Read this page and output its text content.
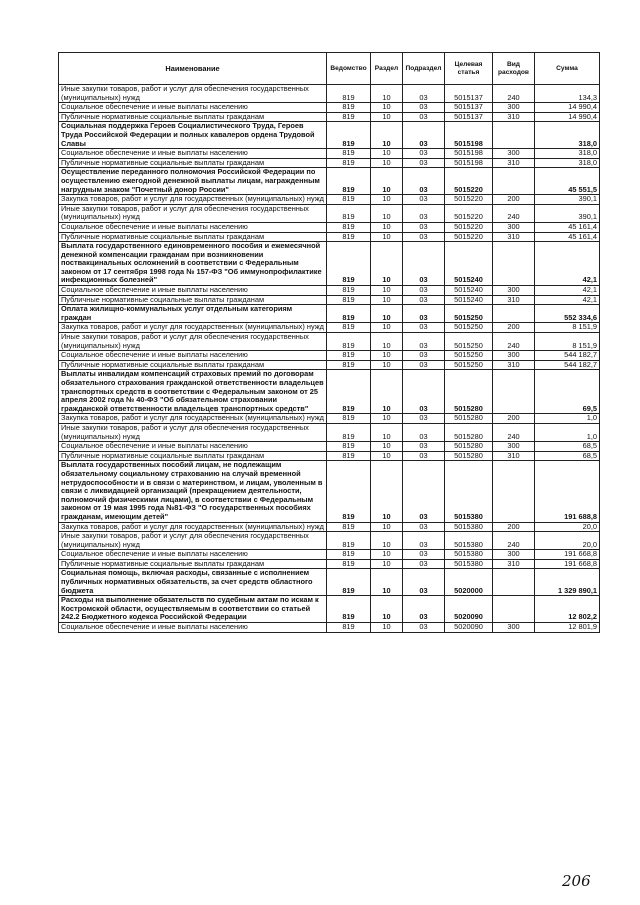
Наименование	Ведомство	Раздел	Подраздел	Целевая статья	Вид расходов	Сумма
Иные закупки товаров, работ и услуг для обеспечения государственных (муниципальных) нужд	819	10	03	5015137	240	134,3
Социальное обеспечение и иные выплаты населению	819	10	03	5015137	300	14 990,4
Публичные нормативные социальные выплаты гражданам	819	10	03	5015137	310	14 990,4
Социальная поддержка Героев Социалистического Труда, Героев Труда Российской Федерации и полных кавалеров ордена Трудовой Славы	819	10	03	5015198		318,0
Социальное обеспечение и иные выплаты населению	819	10	03	5015198	300	318,0
Публичные нормативные социальные выплаты гражданам	819	10	03	5015198	310	318,0
Осуществление переданного полномочия Российской Федерации по осуществлению ежегодной денежной выплаты лицам, награжденным нагрудным знаком "Почетный донор России"	819	10	03	5015220		45 551,5
Закупка товаров, работ и услуг для государственных (муниципальных) нужд	819	10	03	5015220	200	390,1
Иные закупки товаров, работ и услуг для обеспечения государственных (муниципальных) нужд	819	10	03	5015220	240	390,1
Социальное обеспечение и иные выплаты населению	819	10	03	5015220	300	45 161,4
Публичные нормативные социальные выплаты гражданам	819	10	03	5015220	310	45 161,4
Выплата государственного единовременного пособия и ежемесячной денежной компенсации гражданам при возникновении поствакцинальных осложнений в соответствии с Федеральным законом от 17 сентября 1998 года № 157-ФЗ "Об иммунопрофилактике инфекционных болезней"	819	10	03	5015240		42,1
Социальное обеспечение и иные выплаты населению	819	10	03	5015240	300	42,1
Публичные нормативные социальные выплаты гражданам	819	10	03	5015240	310	42,1
Оплата жилищно-коммунальных услуг отдельным категориям граждан	819	10	03	5015250		552 334,6
Закупка товаров, работ и услуг для государственных (муниципальных) нужд	819	10	03	5015250	200	8 151,9
Иные закупки товаров, работ и услуг для обеспечения государственных (муниципальных) нужд	819	10	03	5015250	240	8 151,9
Социальное обеспечение и иные выплаты населению	819	10	03	5015250	300	544 182,7
Публичные нормативные социальные выплаты гражданам	819	10	03	5015250	310	544 182,7
Выплаты инвалидам компенсаций страховых премий по договорам обязательного страхования гражданской ответственности владельцев транспортных средств в соответствии с Федеральным законом от 25 апреля 2002 года № 40-ФЗ "Об обязательном страховании гражданской ответственности владельцев транспортных средств"	819	10	03	5015280		69,5
Закупка товаров, работ и услуг для государственных (муниципальных) нужд	819	10	03	5015280	200	1,0
Иные закупки товаров, работ и услуг для обеспечения государственных (муниципальных) нужд	819	10	03	5015280	240	1,0
Социальное обеспечение и иные выплаты населению	819	10	03	5015280	300	68,5
Публичные нормативные социальные выплаты гражданам	819	10	03	5015280	310	68,5
Выплата государственных пособий лицам, не подлежащим обязательному социальному страхованию на случай временной нетрудоспособности и в связи с материнством, и лицам, уволенным в связи с ликвидацией организаций (прекращением деятельности, полномочий физическими лицами), в соответствии с Федеральным законом от 19 мая 1995 года №81-ФЗ "О государственных пособиях гражданам, имеющим детей"	819	10	03	5015380		191 688,8
Закупка товаров, работ и услуг для государственных (муниципальных) нужд	819	10	03	5015380	200	20,0
Иные закупки товаров, работ и услуг для обеспечения государственных (муниципальных) нужд	819	10	03	5015380	240	20,0
Социальное обеспечение и иные выплаты населению	819	10	03	5015380	300	191 668,8
Публичные нормативные социальные выплаты гражданам	819	10	03	5015380	310	191 668,8
Социальная помощь, включая расходы, связанные с исполнением публичных нормативных обязательств, за счет средств областного бюджета	819	10	03	5020000		1 329 890,1
Расходы на выполнение обязательств по судебным актам по искам к Костромской области, осуществляемым в соответствии со статьей 242.2 Бюджетного кодекса Российской Федерации	819	10	03	5020090		12 802,2
Социальное обеспечение и иные выплаты населению	819	10	03	5020090	300	12 801,9
206
